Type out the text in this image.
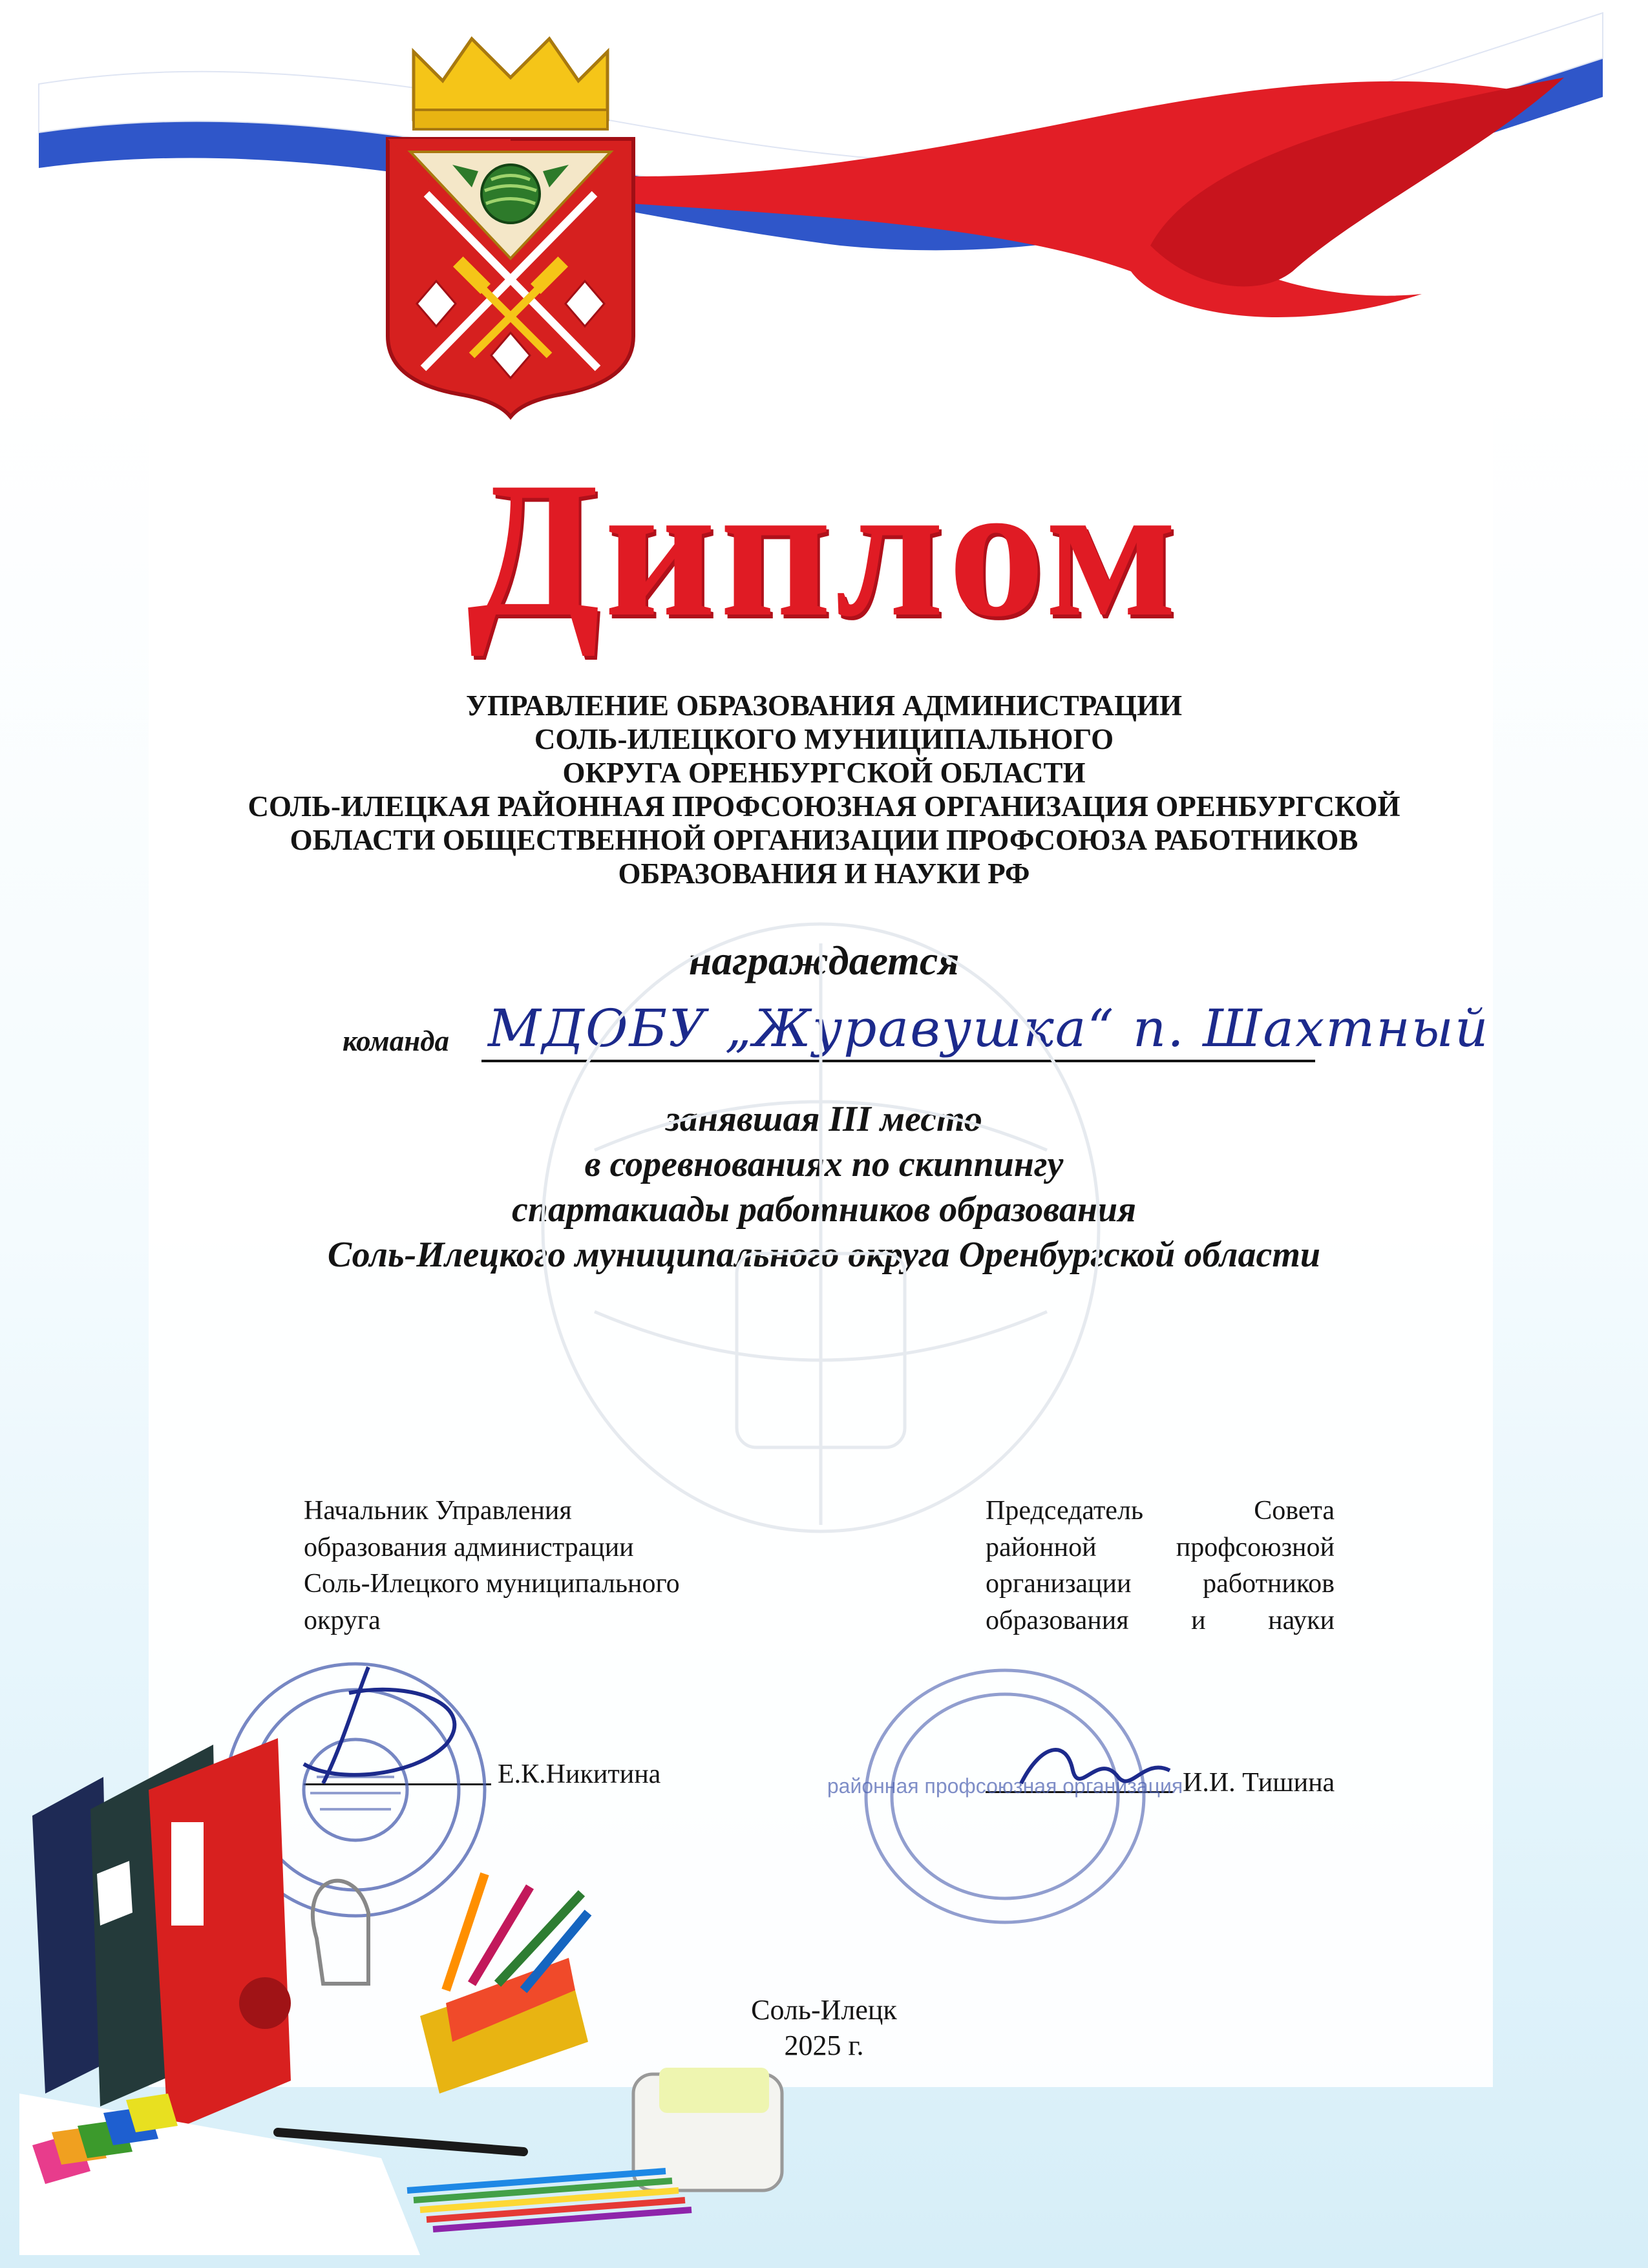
Диплом
УПРАВЛЕНИЕ ОБРАЗОВАНИЯ АДМИНИСТРАЦИИ
СОЛЬ-ИЛЕЦКОГО МУНИЦИПАЛЬНОГО
ОКРУГА ОРЕНБУРГСКОЙ ОБЛАСТИ
СОЛЬ-ИЛЕЦКАЯ РАЙОННАЯ ПРОФСОЮЗНАЯ ОРГАНИЗАЦИЯ ОРЕНБУРГСКОЙ
ОБЛАСТИ ОБЩЕСТВЕННОЙ ОРГАНИЗАЦИИ ПРОФСОЮЗА РАБОТНИКОВ
ОБРАЗОВАНИЯ И НАУКИ РФ
награждается
команда МДОБУ „Журавушка“ п. Шахтный
занявшая III место
в соревнованиях по скиппингу
спартакиады работников образования
Соль-Илецкого муниципального округа Оренбургской области
Начальник Управления
образования администрации
Соль-Илецкого муниципального
округа
Е.К.Никитина
Председатель Совета
районной профсоюзной
организации работников
образования и науки
И.И. Тишина
районная профсоюзная организация
Соль-Илецк
2025 г.
